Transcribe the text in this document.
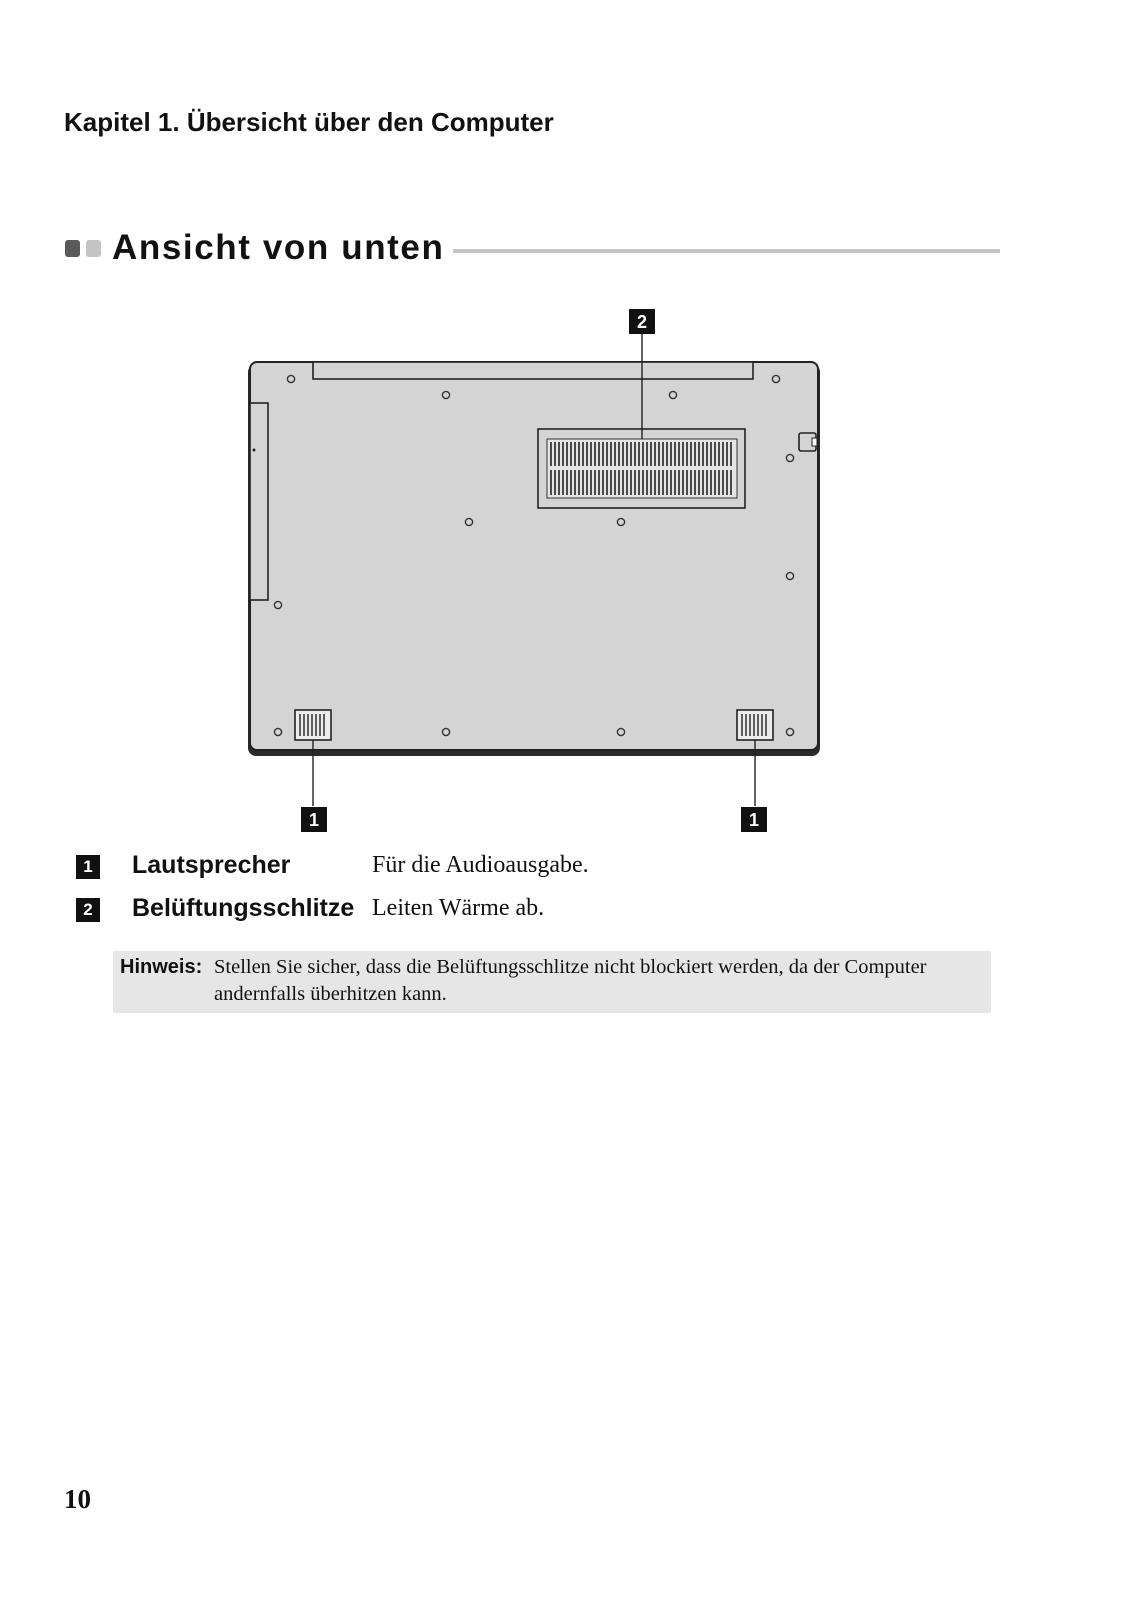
Kapitel 1. Übersicht über den Computer
Ansicht von unten
2
1	1
1 Lautsprecher	Für die Audioausgabe.
2 Belüftungsschlitze Leiten Wärme ab.
Hinweis: Stellen Sie sicher, dass die Belüftungsschlitze nicht blockiert werden, da der Computer andernfalls überhitzen kann.
10
